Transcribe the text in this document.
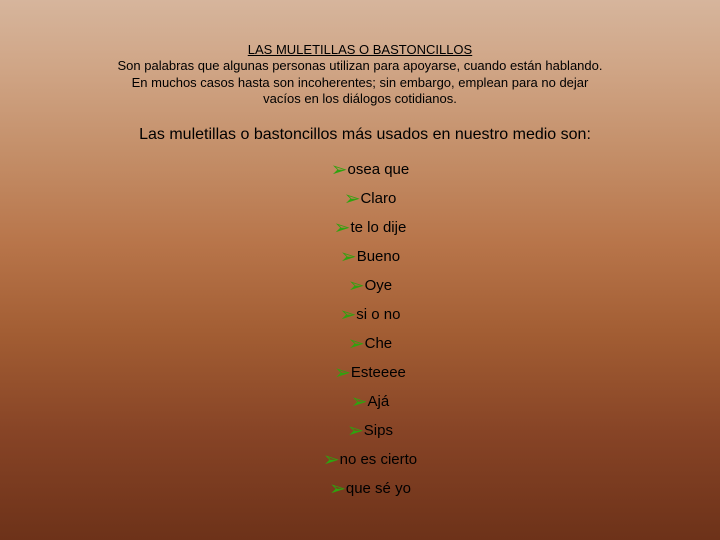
LAS MULETILLAS O BASTONCILLOS
Son palabras que algunas personas utilizan para apoyarse, cuando están hablando.
En muchos casos hasta son incoherentes; sin embargo, emplean para no dejar
vacíos en los diálogos cotidianos.
Las muletillas o bastoncillos más usados en nuestro medio son:
➢ osea que
➢ Claro
➢ te lo dije
➢ Bueno
➢ Oye
➢ si o no
➢ Che
➢ Esteeee
➢ Ajá
➢ Sips
➢ no es cierto
➢ que sé yo
